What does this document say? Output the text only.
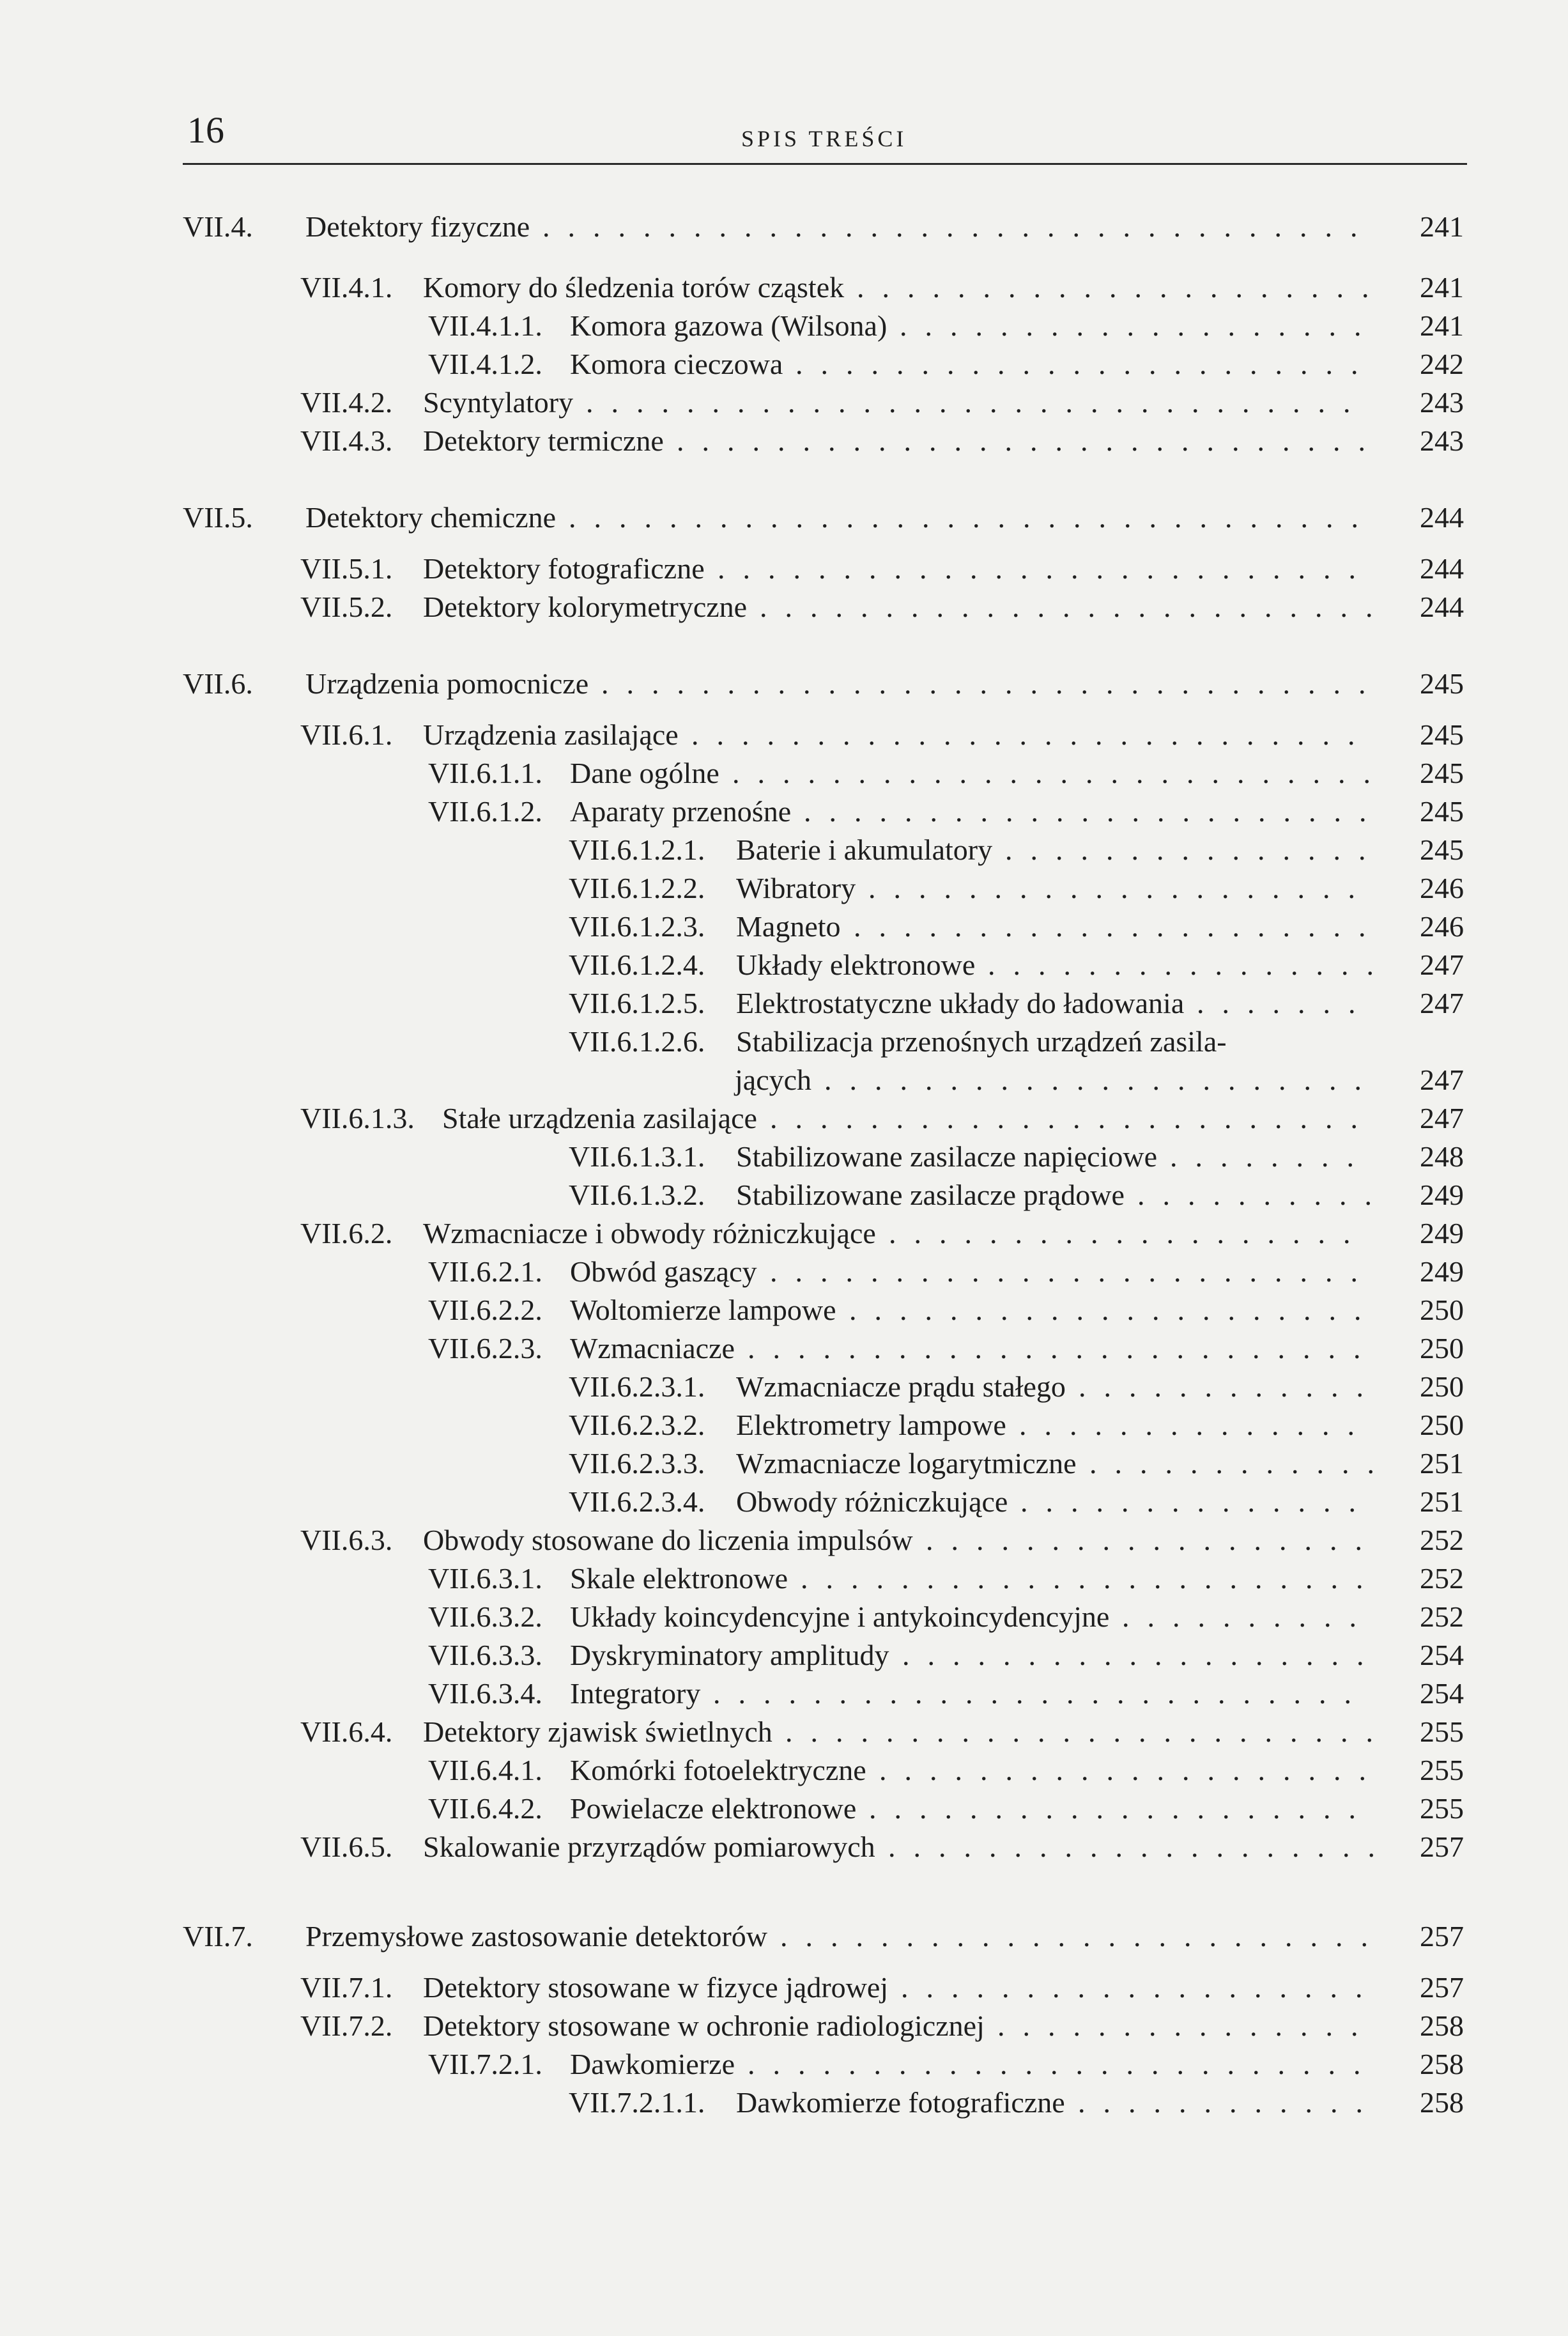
16	SPIS TREŚCI
VII.4. Detektory fizyczne	241
.................................
VII.4.1. Komory do śledzenia torów cząstek	241
.....................
VII.4.1.1. Komora gazowa (Wilsona)	241
...................
VII.4.1.2. Komora cieczowa	242
.......................
VII.4.2. Scyntylatory	243
...............................
VII.4.3. Detektory termiczne	243
............................
VII.5. Detektory chemiczne	244
................................
VII.5.1. Detektory fotograficzne	244
..........................
VII.5.2. Detektory kolorymetryczne	244
.........................
VII.6. Urządzenia pomocnicze	245
...............................
VII.6.1. Urządzenia zasilające	245
...........................
VII.6.1.1. Dane ogólne	245
..........................
VII.6.1.2. Aparaty przenośne	245
.......................
VII.6.1.2.1. Baterie i akumulatory	245
...............
VII.6.1.2.2. Wibratory	246
....................
VII.6.1.2.3. Magneto	246
.....................
VII.6.1.2.4. Układy elektronowe	247
................
VII.6.1.2.5. Elektrostatyczne układy do ładowania	247
.......
VII.6.1.2.6. Stabilizacja przenośnych urządzeń zasila-
jących	247
......................
VII.6.1.3. Stałe urządzenia zasilające	247
........................
VII.6.1.3.1. Stabilizowane zasilacze napięciowe	248
........
VII.6.1.3.2. Stabilizowane zasilacze prądowe	249
..........
VII.6.2. Wzmacniacze i obwody różniczkujące	249
...................
VII.6.2.1. Obwód gaszący	249
........................
VII.6.2.2. Woltomierze lampowe	250
.....................
VII.6.2.3. Wzmacniacze	250
.........................
VII.6.2.3.1. Wzmacniacze prądu stałego	250
............
VII.6.2.3.2. Elektrometry lampowe	250
..............
VII.6.2.3.3. Wzmacniacze logarytmiczne	251
............
VII.6.2.3.4. Obwody różniczkujące	251
..............
VII.6.3. Obwody stosowane do liczenia impulsów	252
..................
VII.6.3.1. Skale elektronowe	252
.......................
VII.6.3.2. Układy koincydencyjne i antykoincydencyjne	252
..........
VII.6.3.3. Dyskryminatory amplitudy	254
...................
VII.6.3.4. Integratory	254
..........................
VII.6.4. Detektory zjawisk świetlnych	255
........................
VII.6.4.1. Komórki fotoelektryczne	255
....................
VII.6.4.2. Powielacze elektronowe	255
....................
VII.6.5. Skalowanie przyrządów pomiarowych	257
....................
VII.7. Przemysłowe zastosowanie detektorów	257
........................
VII.7.1. Detektory stosowane w fizyce jądrowej	257
...................
VII.7.2. Detektory stosowane w ochronie radiologicznej	258
...............
VII.7.2.1. Dawkomierze	258
.........................
VII.7.2.1.1. Dawkomierze fotograficzne	258
............
